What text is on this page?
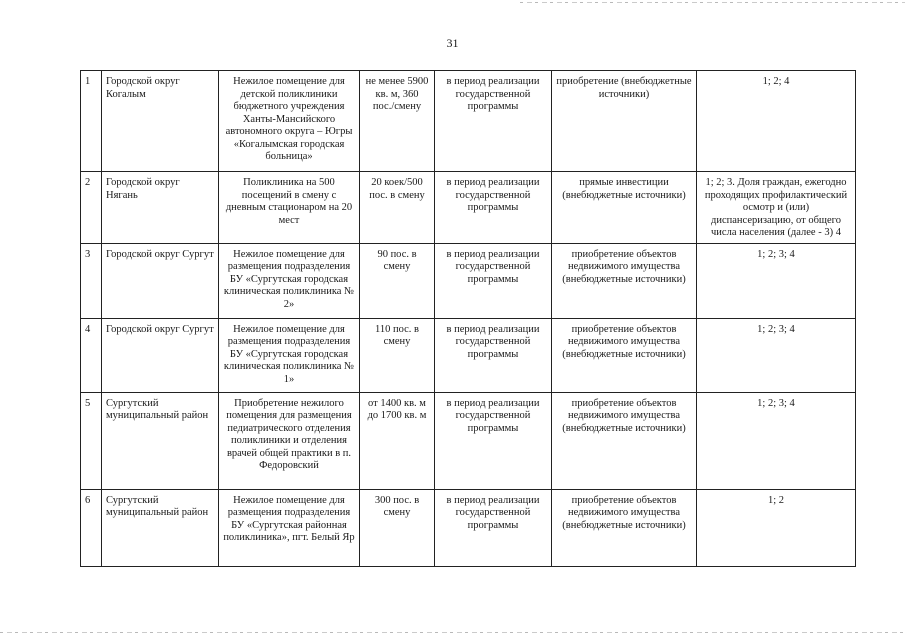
31
1	Городской округ Когалым	Нежилое помещение для детской поликлиники бюджетного учреждения Ханты-Мансийского автономного округа – Югры «Когалымская городская больница»	не менее 5900 кв. м, 360 пос./смену	в период реализации государственной программы	приобретение (внебюджетные источники)	1; 2; 4
2	Городской округ Нягань	Поликлиника на 500 посещений в смену с дневным стационаром на 20 мест	20 коек/500 пос. в смену	в период реализации государственной программы	прямые инвестиции (внебюджетные источники)	1; 2; 3. Доля граждан, ежегодно проходящих профилактический осмотр и (или) диспансеризацию, от общего числа населения (далее - 3) 4
3	Городской округ Сургут	Нежилое помещение для размещения подразделения БУ «Сургутская городская клиническая поликлиника № 2»	90 пос. в смену	в период реализации государственной программы	приобретение объектов недвижимого имущества (внебюджетные источники)	1; 2; 3; 4
4	Городской округ Сургут	Нежилое помещение для размещения подразделения БУ «Сургутская городская клиническая поликлиника № 1»	110 пос. в смену	в период реализации государственной программы	приобретение объектов недвижимого имущества (внебюджетные источники)	1; 2; 3; 4
5	Сургутский муниципальный район	Приобретение нежилого помещения для размещения педиатрического отделения поликлиники и отделения врачей общей практики в п. Федоровский	от 1400 кв. м до 1700 кв. м	в период реализации государственной программы	приобретение объектов недвижимого имущества (внебюджетные источники)	1; 2; 3; 4
6	Сургутский муниципальный район	Нежилое помещение для размещения подразделения БУ «Сургутская районная поликлиника», пгт. Белый Яр	300 пос. в смену	в период реализации государственной программы	приобретение объектов недвижимого имущества (внебюджетные источники)	1; 2
